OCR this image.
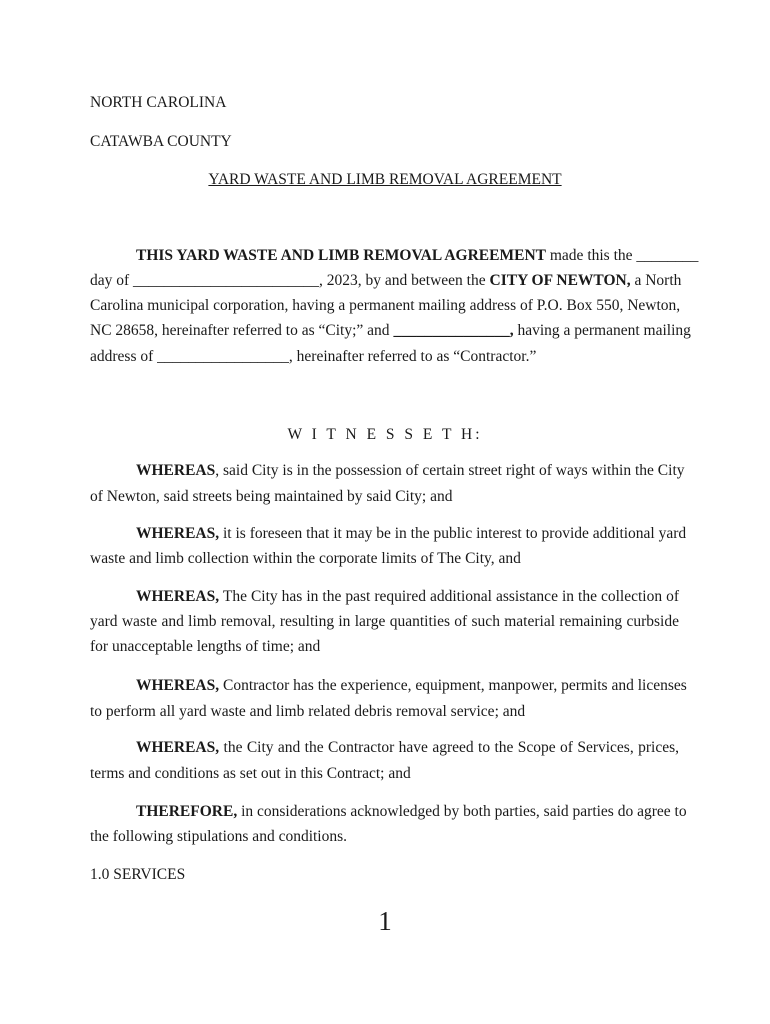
NORTH CAROLINA
CATAWBA COUNTY
YARD WASTE AND LIMB REMOVAL AGREEMENT
THIS YARD WASTE AND LIMB REMOVAL AGREEMENT made this the ________
day of ________________________, 2023, by and between the CITY OF NEWTON, a North
Carolina municipal corporation, having a permanent mailing address of P.O. Box 550, Newton,
NC 28658, hereinafter referred to as “City;” and _______________, having a permanent mailing
address of _________________, hereinafter referred to as “Contractor.”
W I T N E S S E T H:
WHEREAS, said City is in the possession of certain street right of ways within the City
of Newton, said streets being maintained by said City; and
WHEREAS, it is foreseen that it may be in the public interest to provide additional yard
waste and limb collection within the corporate limits of The City, and
WHEREAS, The City has in the past required additional assistance in the collection of
yard waste and limb removal, resulting in large quantities of such material remaining curbside
for unacceptable lengths of time; and
WHEREAS, Contractor has the experience, equipment, manpower, permits and licenses
to perform all yard waste and limb related debris removal service; and
WHEREAS, the City and the Contractor have agreed to the Scope of Services, prices,
terms and conditions as set out in this Contract; and
THEREFORE, in considerations acknowledged by both parties, said parties do agree to
the following stipulations and conditions.
1.0 SERVICES
1
